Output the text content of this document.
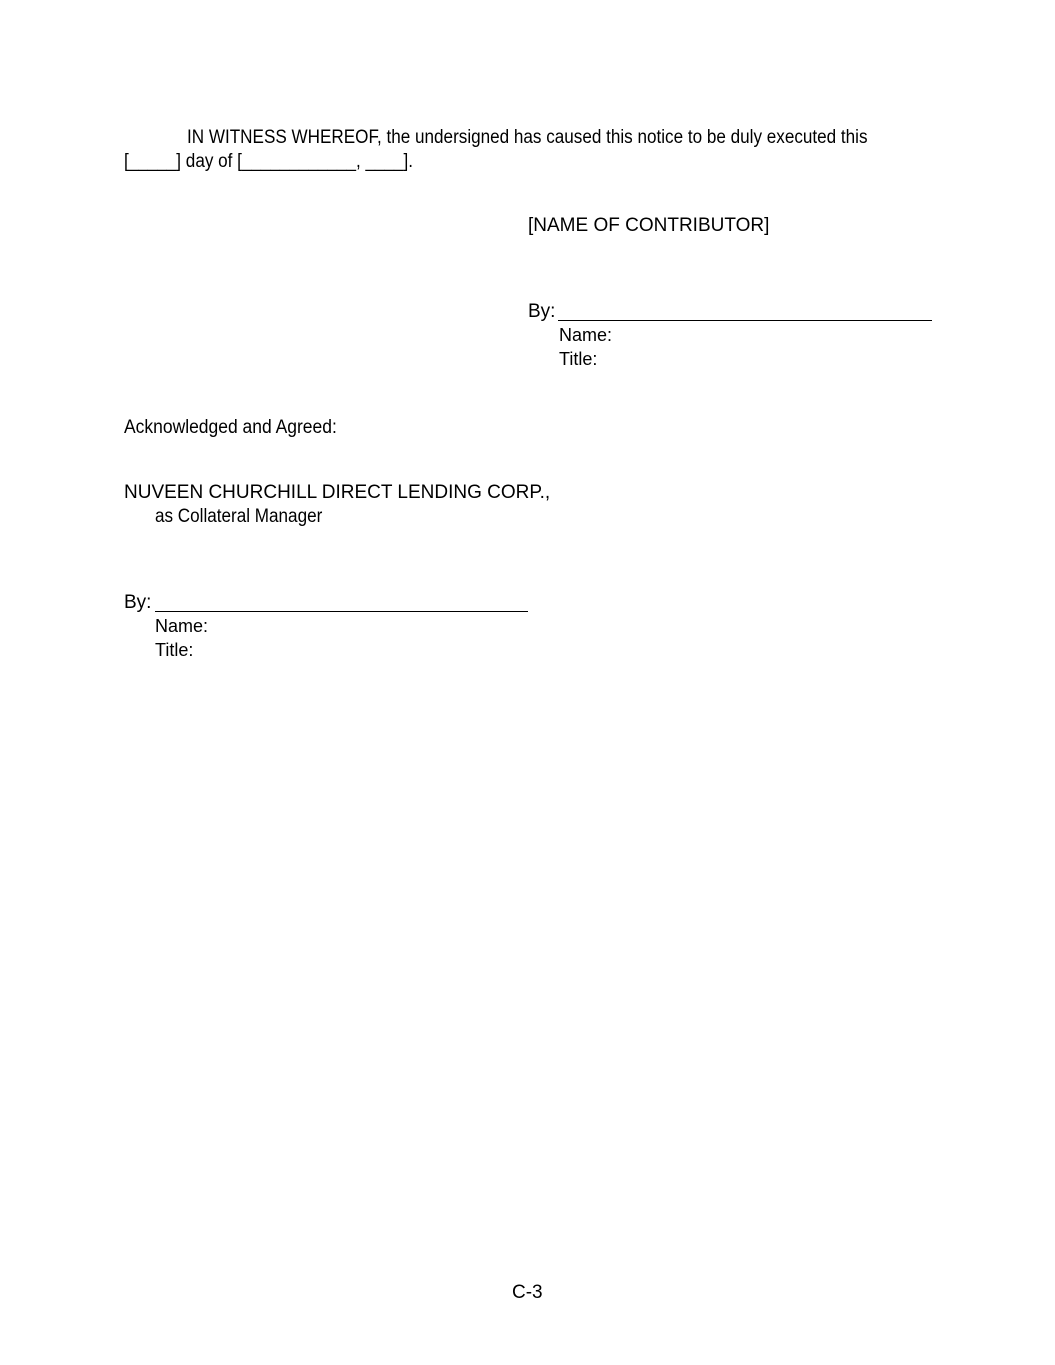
IN WITNESS WHEREOF, the undersigned has caused this notice to be duly executed this
[_____] day of [____________, ____].
[NAME OF CONTRIBUTOR]
By:
Name:
Title:
Acknowledged and Agreed:
NUVEEN CHURCHILL DIRECT LENDING CORP.,
as Collateral Manager
By:
Name:
Title:
C-3
